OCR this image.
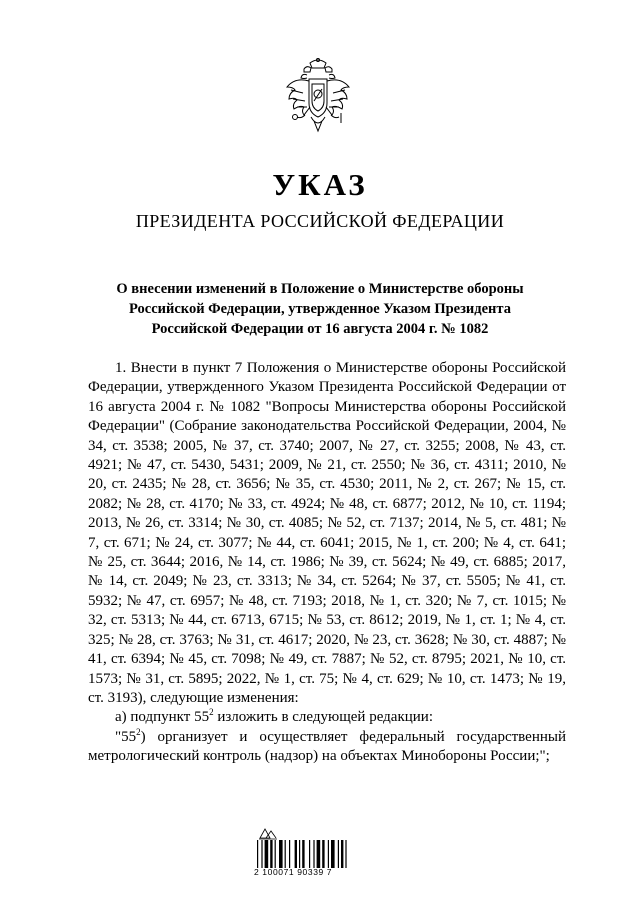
УКАЗ
ПРЕЗИДЕНТА РОССИЙСКОЙ ФЕДЕРАЦИИ
О внесении изменений в Положение о Министерстве обороны
Российской Федерации, утвержденное Указом Президента
Российской Федерации от 16 августа 2004 г. № 1082

1. Внести в пункт 7 Положения о Министерстве обороны Российской Федерации, утвержденного Указом Президента Российской Федерации от 16 августа 2004 г. № 1082 "Вопросы Министерства обороны Российской Федерации" (Собрание законодательства Российской Федерации, 2004, № 34, ст. 3538; 2005, № 37, ст. 3740; 2007, № 27, ст. 3255; 2008, № 43, ст. 4921; № 47, ст. 5430, 5431; 2009, № 21, ст. 2550; № 36, ст. 4311; 2010, № 20, ст. 2435; № 28, ст. 3656; № 35, ст. 4530; 2011, № 2, ст. 267; № 15, ст. 2082; № 28, ст. 4170; № 33, ст. 4924; № 48, ст. 6877; 2012, № 10, ст. 1194; 2013, № 26, ст. 3314; № 30, ст. 4085; № 52, ст. 7137; 2014, № 5, ст. 481; № 7, ст. 671; № 24, ст. 3077; № 44, ст. 6041; 2015, № 1, ст. 200; № 4, ст. 641; № 25, ст. 3644; 2016, № 14, ст. 1986; № 39, ст. 5624; № 49, ст. 6885; 2017, № 14, ст. 2049; № 23, ст. 3313; № 34, ст. 5264; № 37, ст. 5505; № 41, ст. 5932; № 47, ст. 6957; № 48, ст. 7193; 2018, № 1, ст. 320; № 7, ст. 1015; № 32, ст. 5313; № 44, ст. 6713, 6715; № 53, ст. 8612; 2019, № 1, ст. 1; № 4, ст. 325; № 28, ст. 3763; № 31, ст. 4617; 2020, № 23, ст. 3628; № 30, ст. 4887; № 41, ст. 6394; № 45, ст. 7098; № 49, ст. 7887; № 52, ст. 8795; 2021, № 10, ст. 1573; № 31, ст. 5895; 2022, № 1, ст. 75; № 4, ст. 629; № 10, ст. 1473; № 19, ст. 3193), следующие изменения:

а) подпункт $55^2$ изложить в следующей редакции:

"$55^2$) организует и осуществляет федеральный государственный метрологический контроль (надзор) на объектах Минобороны России;";

2 100071 90339 7
